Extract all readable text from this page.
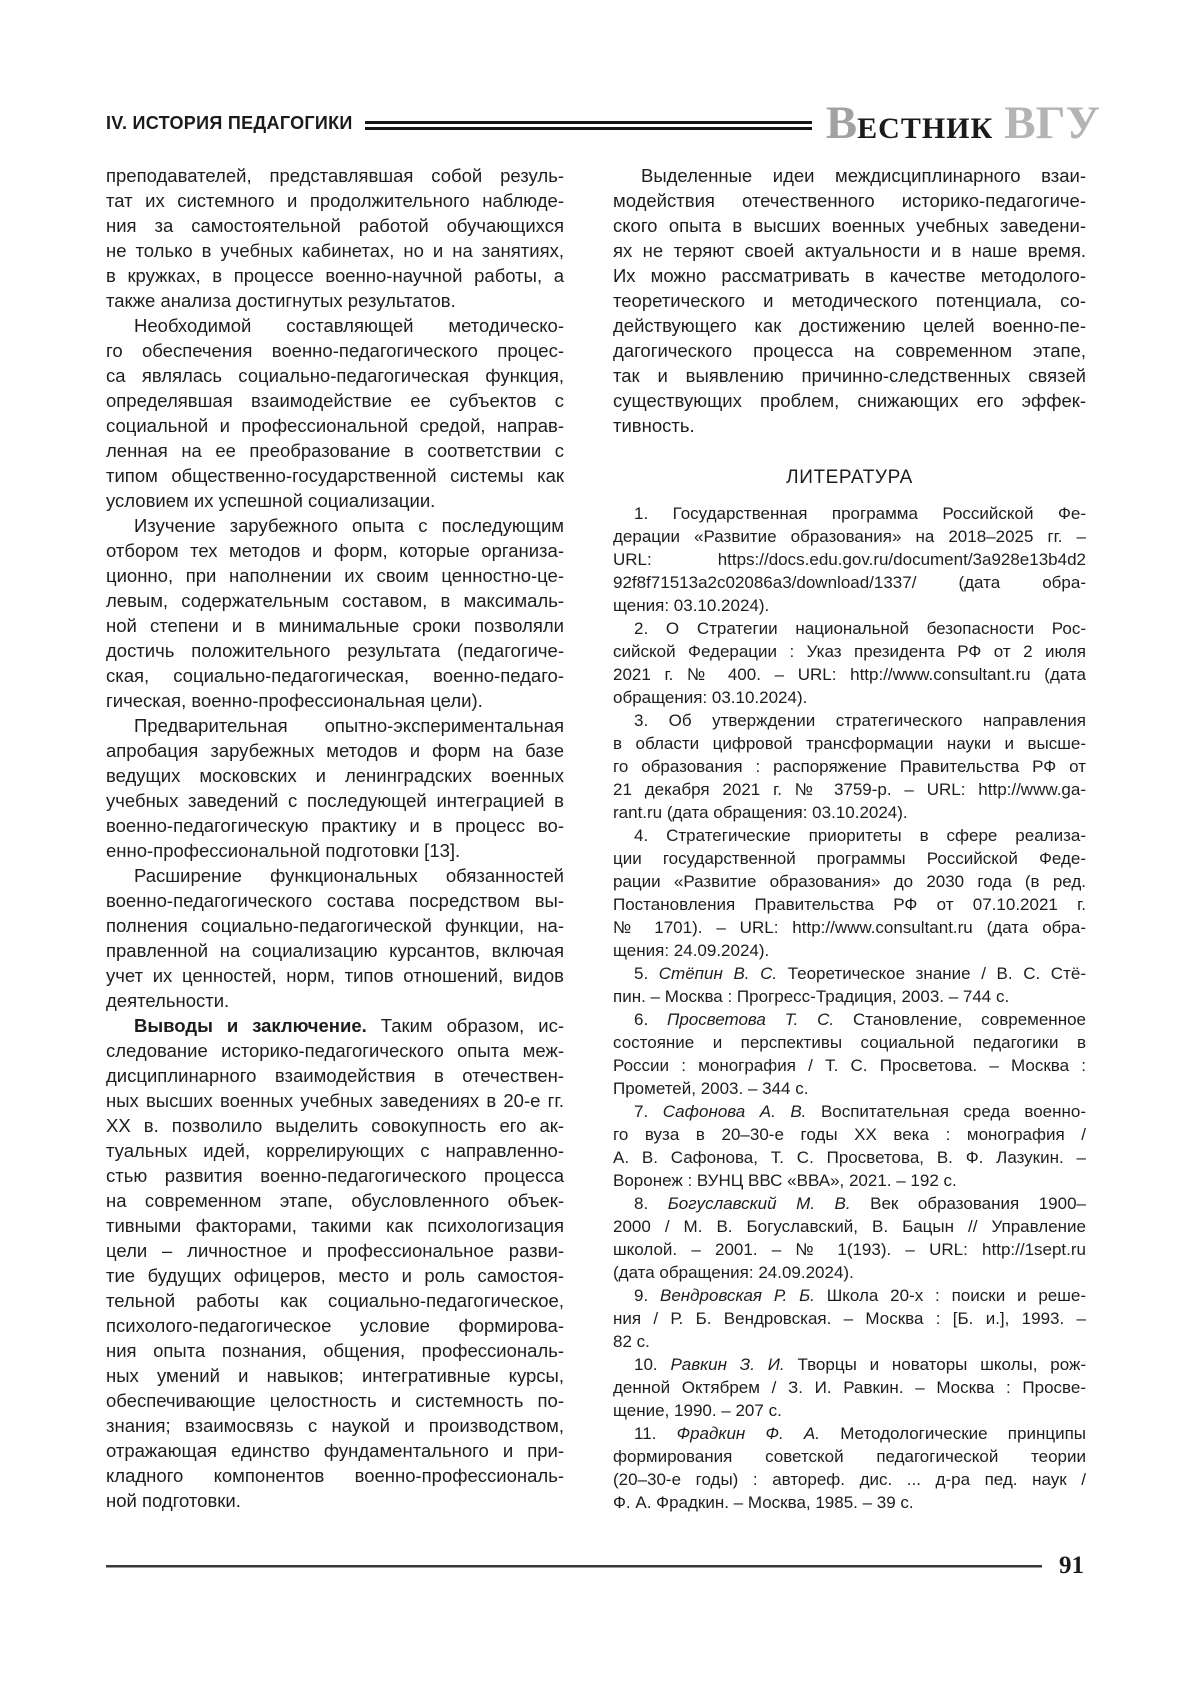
IV. ИСТОРИЯ ПЕДАГОГИКИ	В ЕСТНИК ВГУ
преподавателей, представлявшая собой резуль-
тат их системного и продолжительного наблюде-
ния за самостоятельной работой обучающихся
не только в учебных кабинетах, но и на занятиях,
в кружках, в процессе военно-научной работы, а
также анализа достигнутых результатов.
Необходимой составляющей методическо-
го обеспечения военно-педагогического процес-
са являлась социально-педагогическая функция,
определявшая взаимодействие ее субъектов с
социальной и профессиональной средой, направ-
ленная на ее преобразование в соответствии с
типом общественно-государственной системы как
условием их успешной социализации.
Изучение зарубежного опыта с последующим
отбором тех методов и форм, которые организа-
ционно, при наполнении их своим ценностно-це-
левым, содержательным составом, в максималь-
ной степени и в минимальные сроки позволяли
достичь положительного результата (педагогиче-
ская, социально-педагогическая, военно-педаго-
гическая, военно-профессиональная цели).
Предварительная опытно-экспериментальная
апробация зарубежных методов и форм на базе
ведущих московских и ленинградских военных
учебных заведений с последующей интеграцией в
военно-педагогическую практику и в процесс во-
енно-профессиональной подготовки [13].
Расширение функциональных обязанностей
военно-педагогического состава посредством вы-
полнения социально-педагогической функции, на-
правленной на социализацию курсантов, включая
учет их ценностей, норм, типов отношений, видов
деятельности.
Выводы и заключение. Таким образом, ис-
следование историко-педагогического опыта меж-
дисциплинарного взаимодействия в отечествен-
ных высших военных учебных заведениях в 20-е гг.
XX в. позволило выделить совокупность его ак-
туальных идей, коррелирующих с направленно-
стью развития военно-педагогического процесса
на современном этапе, обусловленного объек-
тивными факторами, такими как психологизация
цели – личностное и профессиональное разви-
тие будущих офицеров, место и роль самостоя-
тельной работы как социально-педагогическое,
психолого-педагогическое условие формирова-
ния опыта познания, общения, профессиональ-
ных умений и навыков; интегративные курсы,
обеспечивающие целостность и системность по-
знания; взаимосвязь с наукой и производством,
отражающая единство фундаментального и при-
кладного компонентов военно-профессиональ-
ной подготовки.
Выделенные идеи междисциплинарного взаи-
модействия отечественного историко-педагогиче-
ского опыта в высших военных учебных заведени-
ях не теряют своей актуальности и в наше время.
Их можно рассматривать в качестве методолого-
теоретического и методического потенциала, со-
действующего как достижению целей военно-пе-
дагогического процесса на современном этапе,
так и выявлению причинно-следственных связей
существующих проблем, снижающих его эффек-
тивность.
ЛИТЕРАТУРА
1. Государственная программа Российской Фе-
дерации «Развитие образования» на 2018–2025 гг. –
URL: https://docs.edu.gov.ru/document/3a928e13b4d2
92f8f71513a2c02086a3/download/1337/ (дата обра-
щения: 03.10.2024).
2. О Стратегии национальной безопасности Рос-
сийской Федерации : Указ президента РФ от 2 июля
2021 г. № 400. – URL: http://www.consultant.ru (дата
обращения: 03.10.2024).
3. Об утверждении стратегического направления
в области цифровой трансформации науки и высше-
го образования : распоряжение Правительства РФ от
21 декабря 2021 г. № 3759-р. – URL: http://www.ga-
rant.ru (дата обращения: 03.10.2024).
4. Стратегические приоритеты в сфере реализа-
ции государственной программы Российской Феде-
рации «Развитие образования» до 2030 года (в ред.
Постановления Правительства РФ от 07.10.2021 г.
№ 1701). – URL: http://www.consultant.ru (дата обра-
щения: 24.09.2024).
5. Стёпин В. С. Теоретическое знание / В. С. Стё-
пин. – Москва : Прогресс-Традиция, 2003. – 744 с.
6. Просветова Т. С. Становление, современное
состояние и перспективы социальной педагогики в
России : монография / Т. С. Просветова. – Москва :
Прометей, 2003. – 344 с.
7. Сафонова А. В. Воспитательная среда военно-
го вуза в 20–30-е годы XX века : монография /
А. В. Сафонова, Т. С. Просветова, В. Ф. Лазукин. –
Воронеж : ВУНЦ ВВС «ВВА», 2021. – 192 с.
8. Богуславский М. В. Век образования 1900–
2000 / М. В. Богуславский, В. Бацын // Управление
школой. – 2001. – № 1(193). – URL: http://1sept.ru
(дата обращения: 24.09.2024).
9. Вендровская Р. Б. Школа 20-х : поиски и реше-
ния / Р. Б. Вендровская. – Москва : [Б. и.], 1993. –
82 с.
10. Равкин З. И. Творцы и новаторы школы, рож-
денной Октябрем / З. И. Равкин. – Москва : Просве-
щение, 1990. – 207 с.
11. Фрадкин Ф. А. Методологические принципы
формирования советской педагогической теории
(20–30-е годы) : автореф. дис. ... д-ра пед. наук /
Ф. А. Фрадкин. – Москва, 1985. – 39 с.
91
